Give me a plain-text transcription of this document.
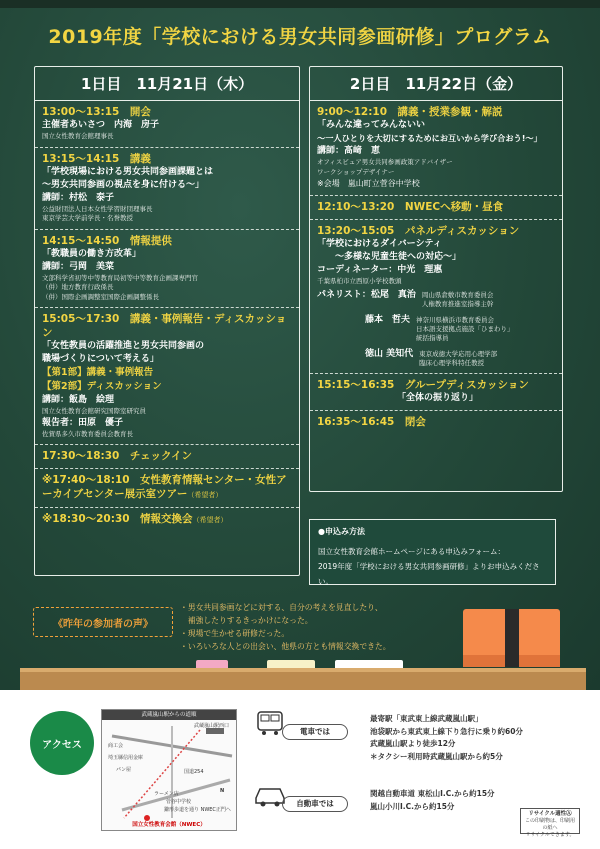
2019年度「学校における男女共同参画研修」プログラム
1日目　11月21日（木）
13:00～13:15　開会
主催者あいさつ　内海　房子
国立女性教育会館理事長
13:15～14:15　講義
「学校現場における男女共同参画課題とは
～男女共同参画の視点を身に付ける～」
講師：村松　泰子
公益財団法人日本女性学習財団理事長
東京学芸大学前学長・名誉教授
14:15～14:50　情報提供
「教職員の働き方改革」
講師：弓岡　美菜
文部科学省初等中等教育局初等中等教育企画課専門官
（併）地方教育行政係長
（併）国際企画調整室国際企画調整係長
15:05～17:30　講義・事例報告・ディスカッション
「女性教員の活躍推進と男女共同参画の
職場づくりについて考える」
【第1部】講義・事例報告
【第2部】ディスカッション
講師：飯島　絵理
国立女性教育会館研究国際室研究員
報告者：田原　優子
佐賀県多久市教育委員会教育長
17:30～18:30　チェックイン
※17:40～18:10　女性教育情報センター・女性アーカイブセンター展示室ツアー（希望者）
※18:30～20:30　情報交換会（希望者）
2日目　11月22日（金）
9:00～12:10　講義・授業参観・解説
「みんな違ってみんないい
～一人ひとりを大切にするためにお互いから学び合おう!～」
講師：髙﨑　恵
オフィスビュア男女共同参画政策アドバイザー
ワークショップデザイナー
※会場　嵐山町立菅谷中学校
12:10～13:20　NWECへ移動・昼食
13:20～15:05　パネルディスカッション
「学校におけるダイバーシティ
　　～多様な児童生徒への対応～」
コーディネーター：中光　理惠
千葉県柏市立西原小学校教頭
パネリスト：松尾　真治 岡山県倉敷市教育委員会
人権教育推進室指導主幹
藤本　哲夫 神奈川県横浜市教育委員会
日本語支援拠点施設「ひまわり」
統括指導員
徳山 美知代 東京成徳大学応用心理学部
臨床心理学科特任教授
15:15～16:35　グループディスカッション
「全体の振り返り」
16:35～16:45　閉会
●申込み方法
国立女性教育会館ホームページにある申込みフォーム：
2019年度「学校における男女共同参画研修」よりお申込みください。
《昨年の参加者の声》
・男女共同参画などに対する、自分の考えを見直したり、
　補強したりするきっかけになった。
・現場で生かせる研修だった。
・いろいろな人との出会い、他県の方とも情報交換できた。
アクセス
武蔵嵐山駅からの道順
武蔵嵐山駅西口
商工会
埼玉縣信用金庫
パン屋
ラーメン店
菅谷中学校
国道254
鎌形歩道を通り NWEC正門へ
N
国立女性教育会館（NWEC）
電車では
自動車では
最寄駅「東武東上線武蔵嵐山駅」
池袋駅から東武東上線下り急行に乗り約60分
武蔵嵐山駅より徒歩12分
＊タクシー利用時武蔵嵐山駅から約5分
関越自動車道 東松山I.C.から約15分
嵐山小川I.C.から約15分
リサイクル適性Ⓐ
この印刷物は、印刷用の紙へ
リサイクルできます。
